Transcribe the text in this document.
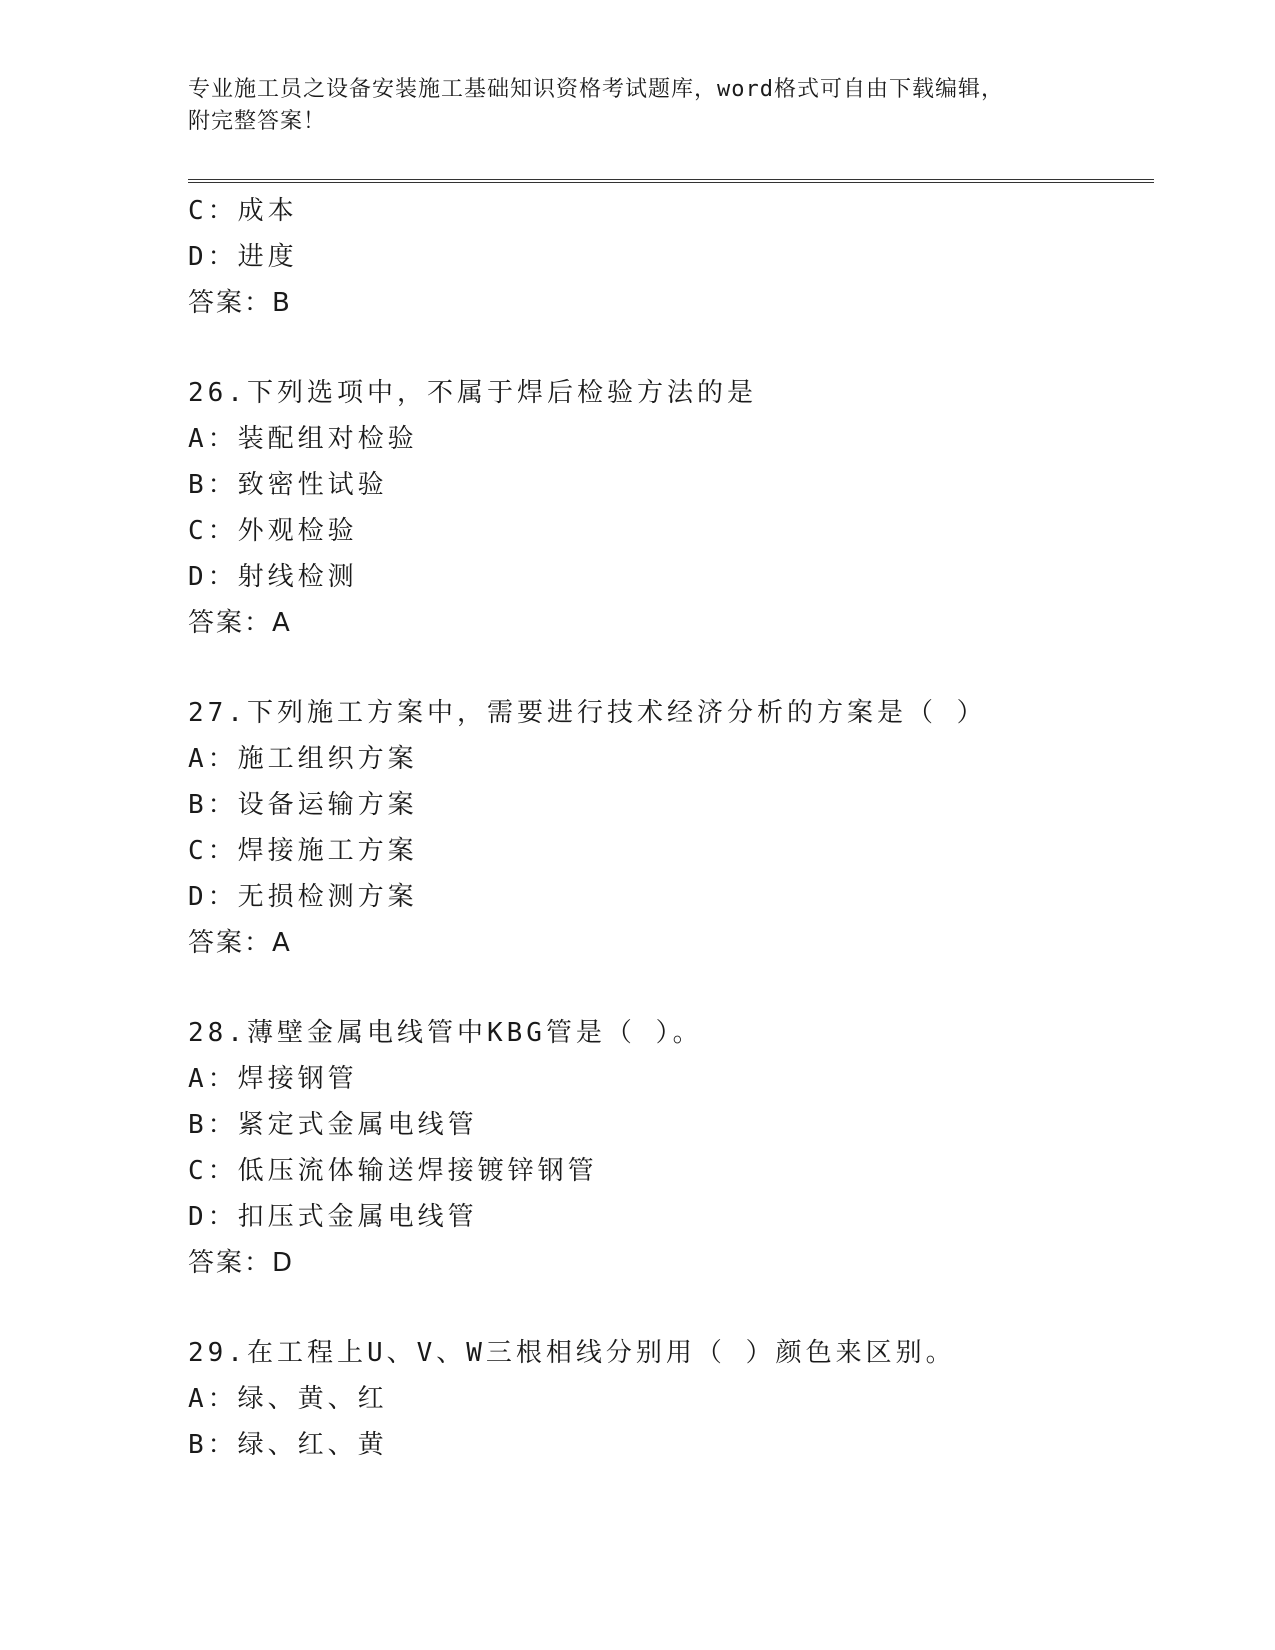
专业施工员之设备安装施工基础知识资格考试题库，word格式可自由下载编辑，
附完整答案！
C：成本
D：进度
答案：B
26.下列选项中，不属于焊后检验方法的是
A：装配组对检验
B：致密性试验
C：外观检验
D：射线检测
答案：A
27.下列施工方案中，需要进行技术经济分析的方案是（ ）
A：施工组织方案
B：设备运输方案
C：焊接施工方案
D：无损检测方案
答案：A
28.薄壁金属电线管中KBG管是（ ）。
A：焊接钢管
B：紧定式金属电线管
C：低压流体输送焊接镀锌钢管
D：扣压式金属电线管
答案：D
29.在工程上U、V、W三根相线分别用（ ）颜色来区别。
A：绿、黄、红
B：绿、红、黄
